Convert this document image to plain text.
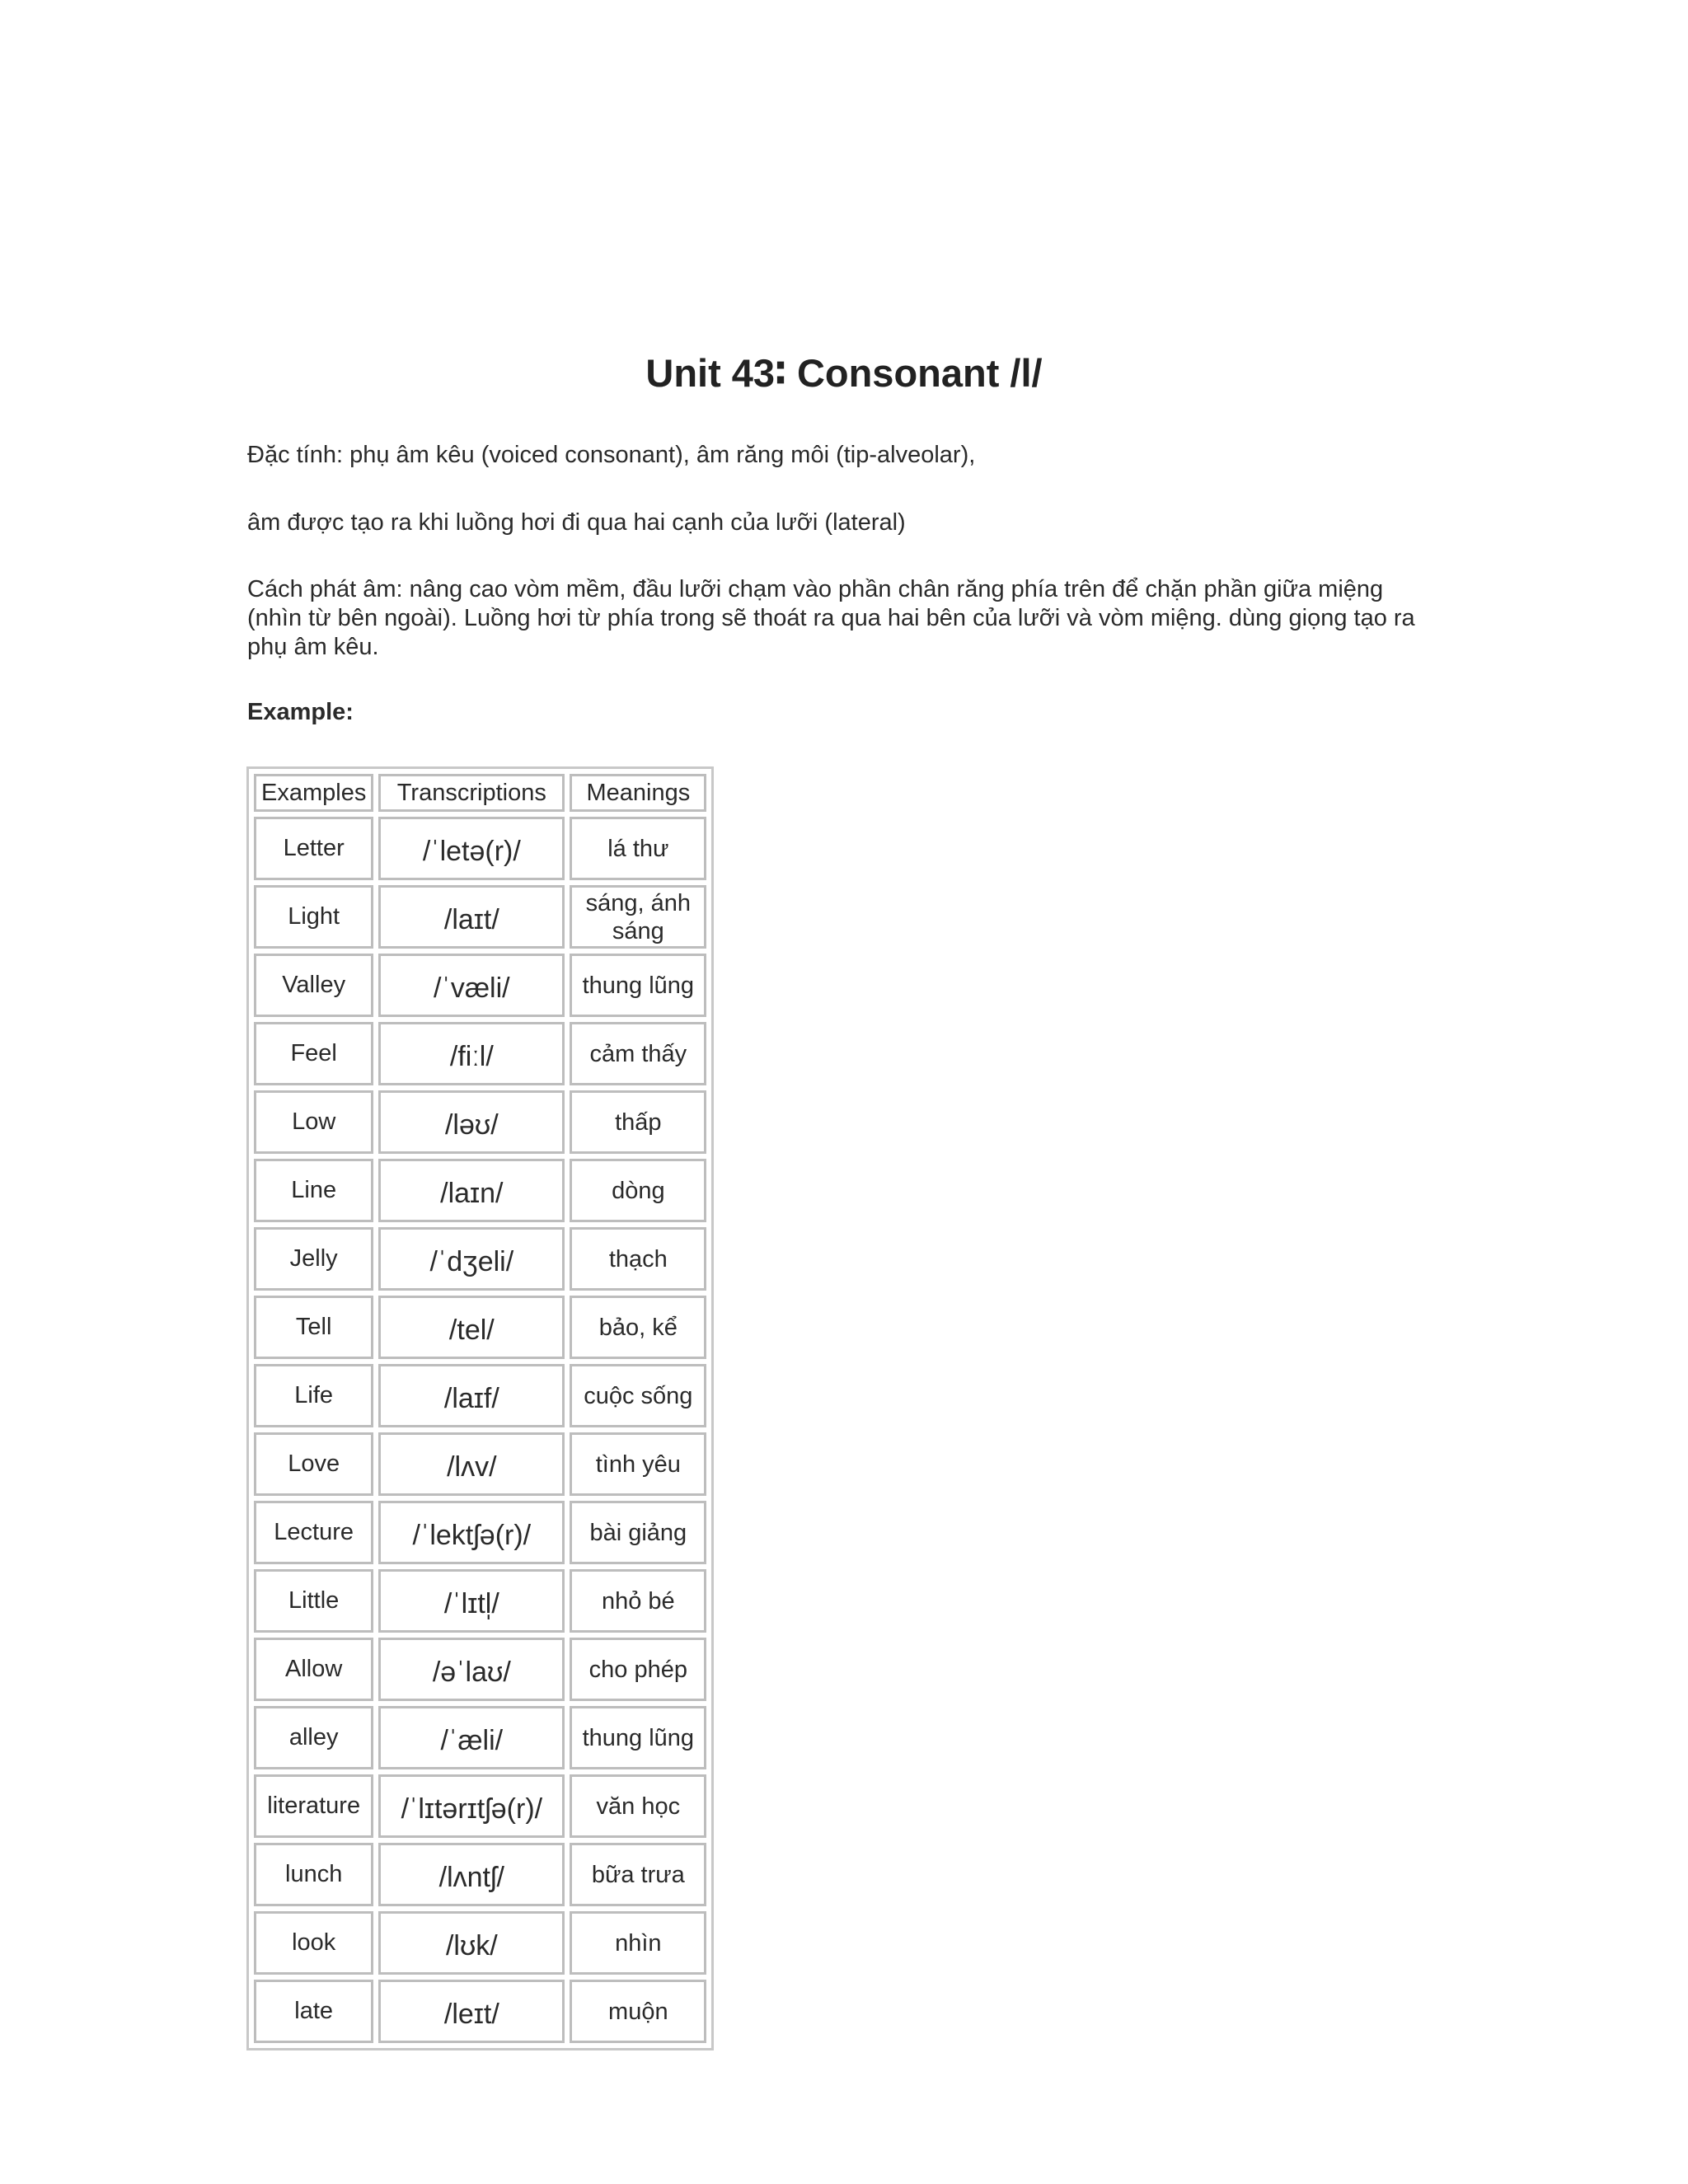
Unit 43∶ Consonant /l/

Đặc tính: phụ âm kêu (voiced consonant), âm răng môi (tip-alveolar),

âm được tạo ra khi luồng hơi đi qua hai cạnh của lưỡi (lateral)

Cách phát âm: nâng cao vòm mềm, đầu lưỡi chạm vào phần chân răng phía trên để chặn phần giữa miệng (nhìn từ bên ngoài). Luồng hơi từ phía trong sẽ thoát ra qua hai bên của lưỡi và vòm miệng. dùng giọng tạo ra phụ âm kêu.

Example:

Examples	Transcriptions	Meanings
Letter	/ˈletə(r)/	lá thư
Light	/laɪt/	sáng, ánh sáng
Valley	/ˈvæli/	thung lũng
Feel	/fiːl/	cảm thấy
Low	/ləʊ/	thấp
Line	/laɪn/	dòng
Jelly	/ˈdʒeli/	thạch
Tell	/tel/	bảo, kể
Life	/laɪf/	cuộc sống
Love	/lʌv/	tình yêu
Lecture	/ˈlektʃə(r)/	bài giảng
Little	/ˈlɪtl̩/	nhỏ bé
Allow	/əˈlaʊ/	cho phép
alley	/ˈæli/	thung lũng
literature	/ˈlɪtərɪtʃə(r)/	văn học
lunch	/lʌntʃ/	bữa trưa
look	/lʊk/	nhìn
late	/leɪt/	muộn
